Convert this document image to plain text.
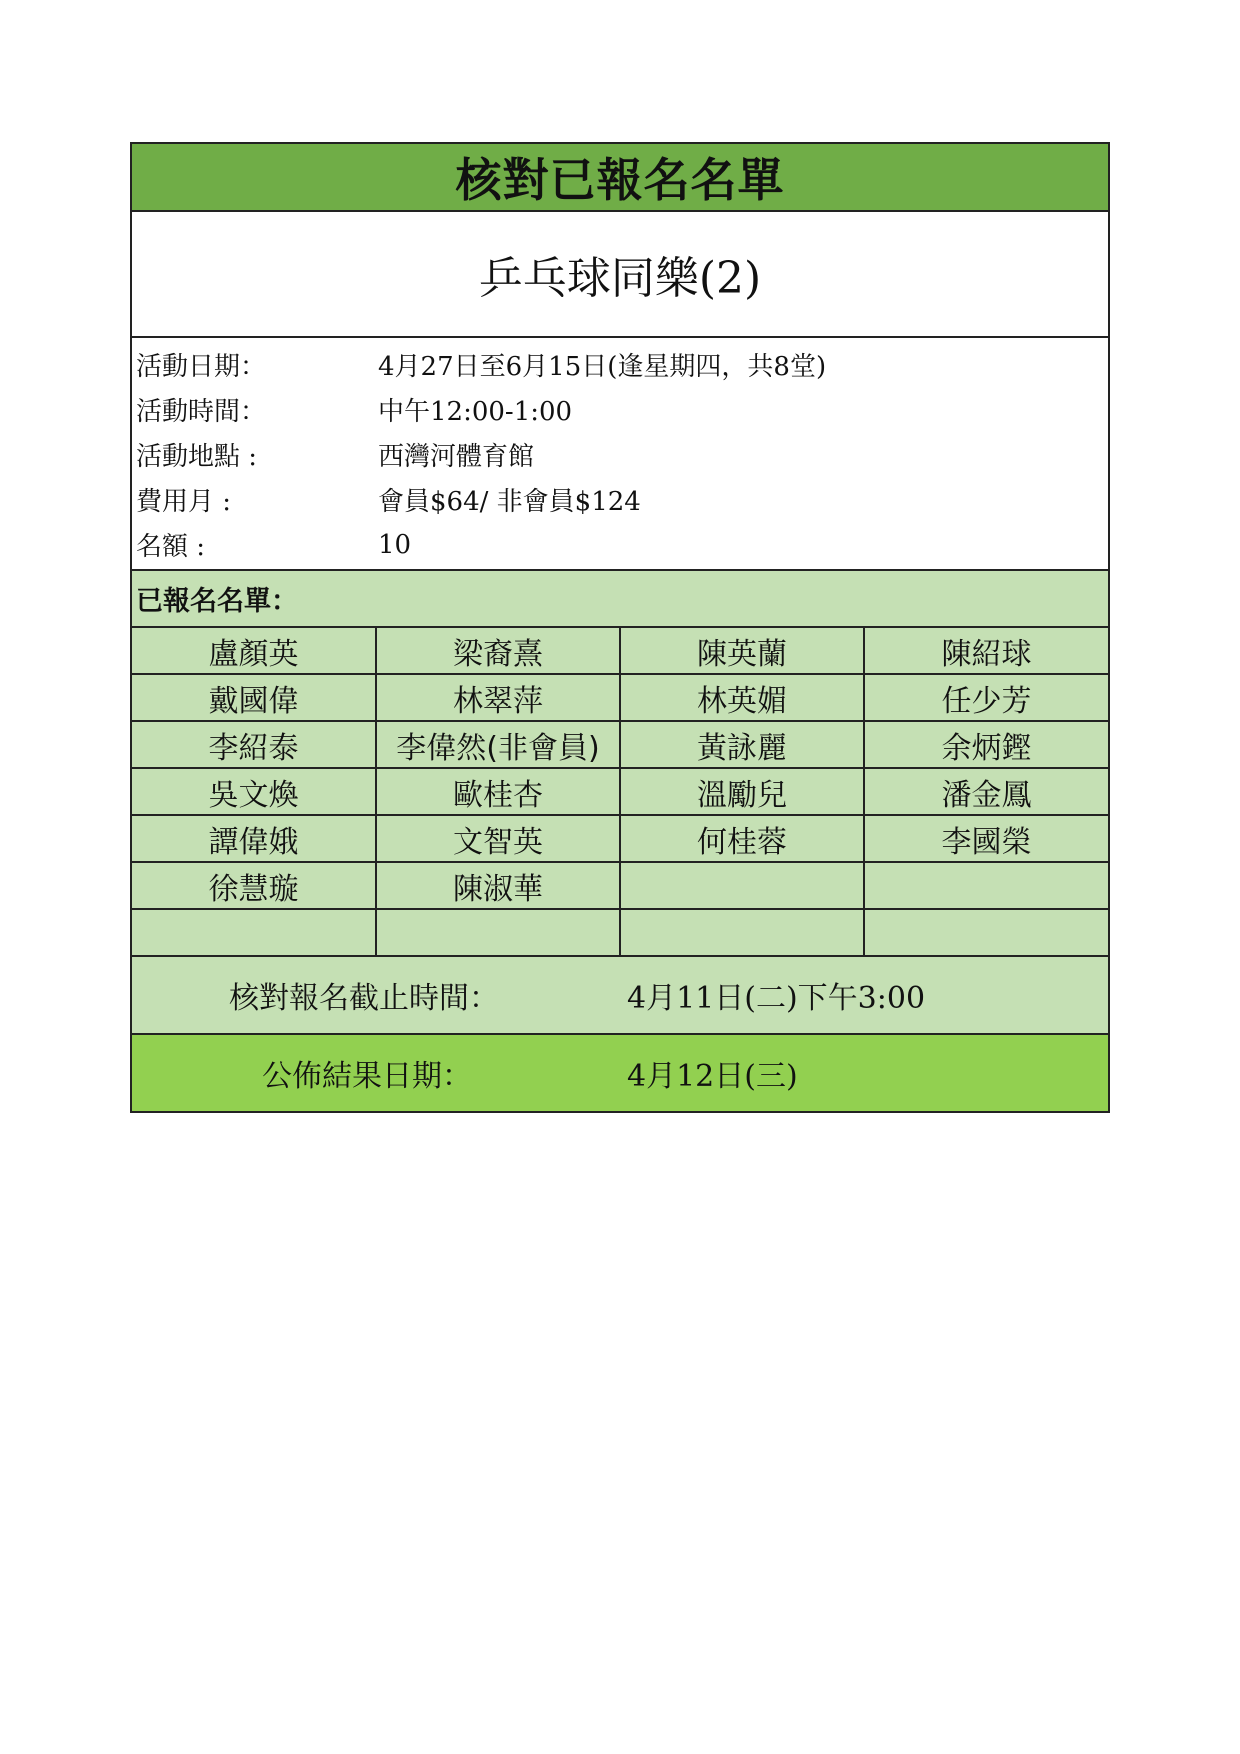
核對已報名名單
乒乓球同樂(2)
活動日期：	4月27日至6月15日(逢星期四，共8堂)
活動時間：	中午12:00-1:00
活動地點 :	西灣河體育館
費用月 :	會員$64/ 非會員$124
名額 :	10
已報名名單：
盧顏英	梁裔熹	陳英蘭	陳紹球
戴國偉	林翠萍	林英媚	任少芳
李紹泰	李偉然(非會員)	黃詠麗	余炳鏗
吳文煥	歐桂杏	溫勵兒	潘金鳳
譚偉娥	文智英	何桂蓉	李國榮
徐慧璇	陳淑華		

核對報名截止時間：	4月11日(二)下午3:00
公佈結果日期：	4月12日(三)
